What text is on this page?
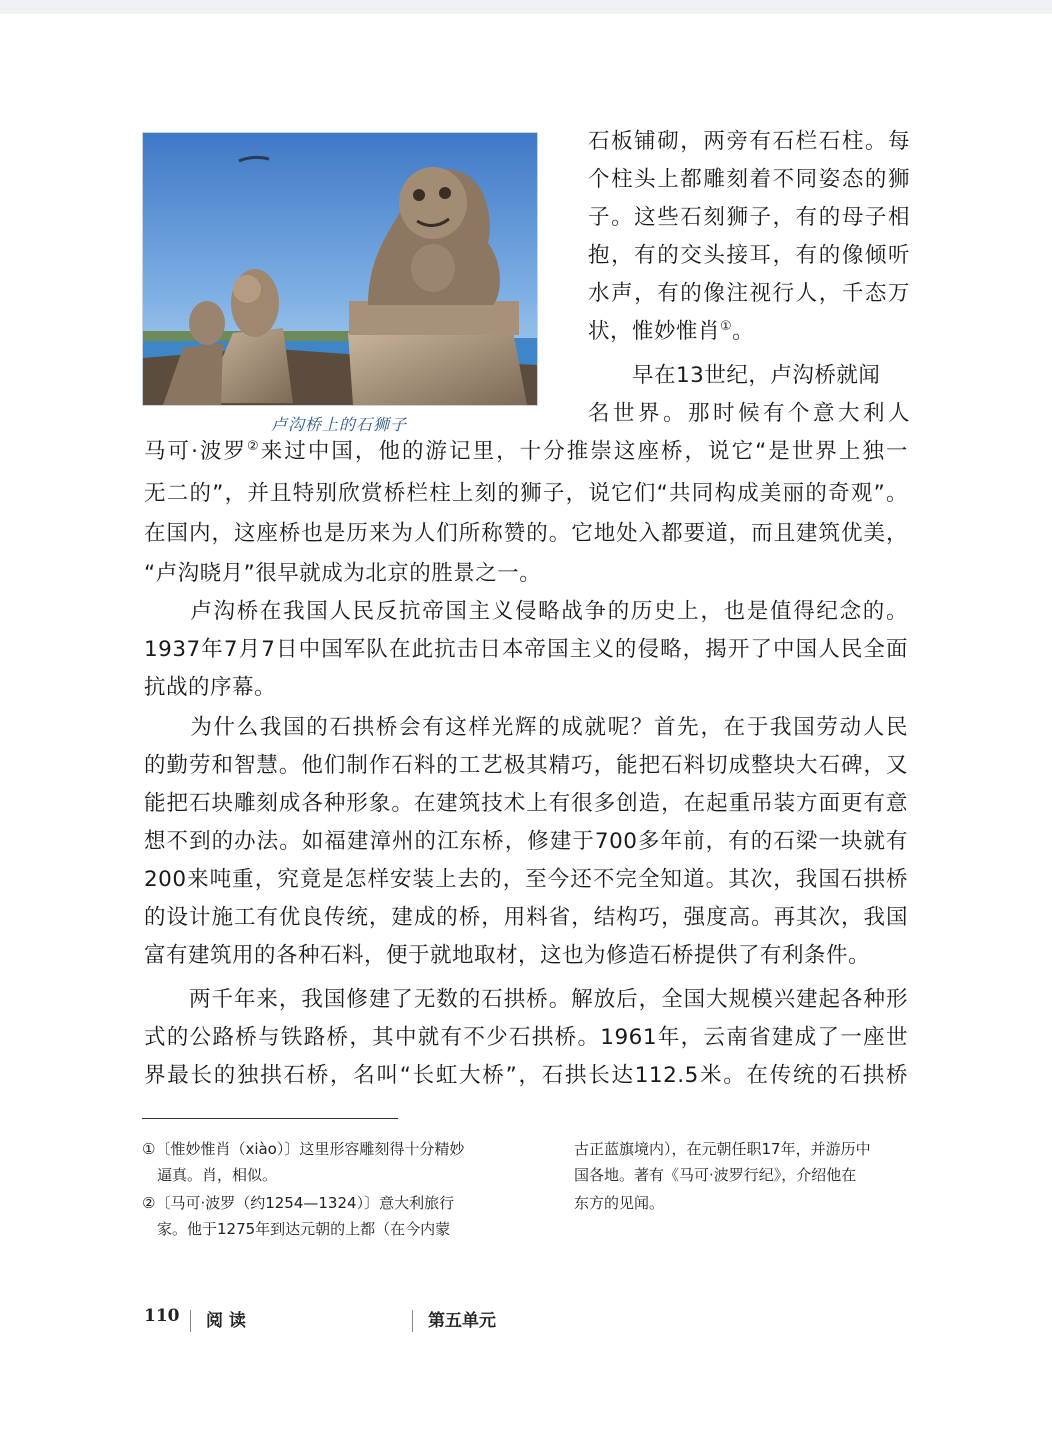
卢沟桥上的石狮子
石板铺砌，两旁有石栏石柱。每
个柱头上都雕刻着不同姿态的狮
子。这些石刻狮子，有的母子相
抱，有的交头接耳，有的像倾听
水声，有的像注视行人，千态万
状，惟妙惟肖①。
　　早在13世纪，卢沟桥就闻
名世界。那时候有个意大利人
马可·波罗②来过中国，他的游记里，十分推崇这座桥，说它“是世界上独一
无二的”，并且特别欣赏桥栏柱上刻的狮子，说它们“共同构成美丽的奇观”。
在国内，这座桥也是历来为人们所称赞的。它地处入都要道，而且建筑优美，
“卢沟晓月”很早就成为北京的胜景之一。
　　卢沟桥在我国人民反抗帝国主义侵略战争的历史上，也是值得纪念的。
1937年7月7日中国军队在此抗击日本帝国主义的侵略，揭开了中国人民全面
抗战的序幕。
　　为什么我国的石拱桥会有这样光辉的成就呢？首先，在于我国劳动人民
的勤劳和智慧。他们制作石料的工艺极其精巧，能把石料切成整块大石碑，又
能把石块雕刻成各种形象。在建筑技术上有很多创造，在起重吊装方面更有意
想不到的办法。如福建漳州的江东桥，修建于700多年前，有的石梁一块就有
200来吨重，究竟是怎样安装上去的，至今还不完全知道。其次，我国石拱桥
的设计施工有优良传统，建成的桥，用料省，结构巧，强度高。再其次，我国
富有建筑用的各种石料，便于就地取材，这也为修造石桥提供了有利条件。
　　两千年来，我国修建了无数的石拱桥。解放后，全国大规模兴建起各种形
式的公路桥与铁路桥，其中就有不少石拱桥。1961年，云南省建成了一座世
界最长的独拱石桥，名叫“长虹大桥”，石拱长达112.5米。在传统的石拱桥
①〔惟妙惟肖（xiào）〕这里形容雕刻得十分精妙
　逼真。肖，相似。
②〔马可·波罗（约1254—1324）〕意大利旅行
　家。他于1275年到达元朝的上都（在今内蒙
古正蓝旗境内），在元朝任职17年，并游历中
国各地。著有《马可·波罗行纪》，介绍他在
东方的见闻。
110 阅 读	第五单元
